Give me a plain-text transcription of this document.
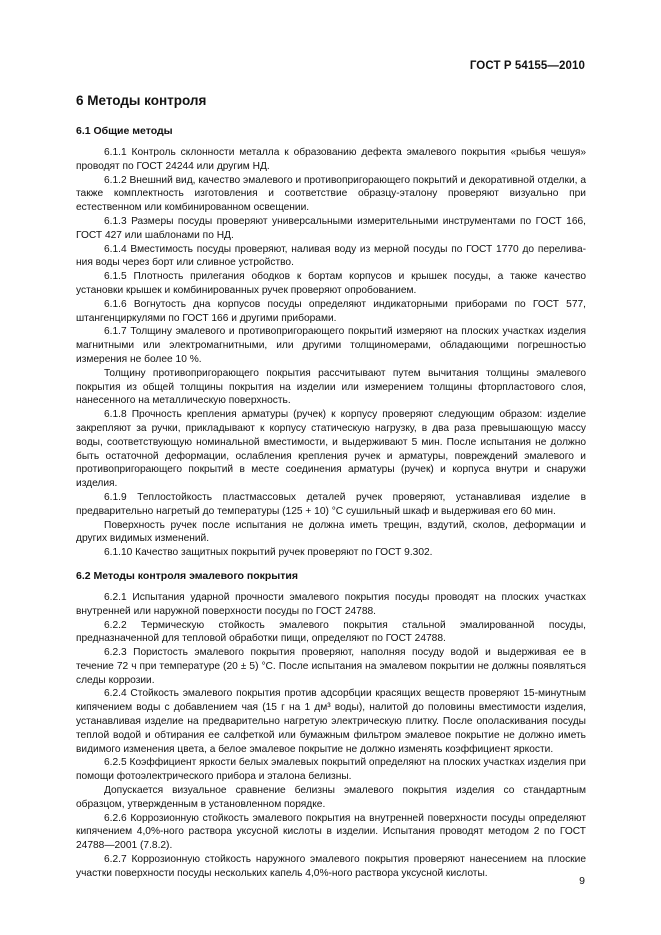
ГОСТ Р 54155—2010
6 Методы контроля
6.1 Общие методы

6.1.1 Контроль склонности металла к образованию дефекта эмалевого покрытия «рыбья чешуя» проводят по ГОСТ 24244 или другим НД.

6.1.2 Внешний вид, качество эмалевого и противопригорающего покрытий и декоративной отделки, а также комплектность изготовления и соответствие образцу-эталону проверяют визуально при естественном или комбинированном освещении.

6.1.3 Размеры посуды проверяют универсальными измерительными инструментами по ГОСТ 166, ГОСТ 427 или шаблонами по НД.

6.1.4 Вместимость посуды проверяют, наливая воду из мерной посуды по ГОСТ 1770 до перелива-ния воды через борт или сливное устройство.

6.1.5 Плотность прилегания ободков к бортам корпусов и крышек посуды, а также качество установки крышек и комбинированных ручек проверяют опробованием.

6.1.6 Вогнутость дна корпусов посуды определяют индикаторными приборами по ГОСТ 577, штангенциркулями по ГОСТ 166 и другими приборами.

6.1.7 Толщину эмалевого и противопригорающего покрытий измеряют на плоских участках изделия магнитными или электромагнитными, или другими толщиномерами, обладающими погрешностью измерения не более 10 %.

Толщину противопригорающего покрытия рассчитывают путем вычитания толщины эмалевого покрытия из общей толщины покрытия на изделии или измерением толщины фторпластового слоя, нанесенного на металлическую поверхность.

6.1.8 Прочность крепления арматуры (ручек) к корпусу проверяют следующим образом: изделие закрепляют за ручки, прикладывают к корпусу статическую нагрузку, в два раза превышающую массу воды, соответствующую номинальной вместимости, и выдерживают 5 мин. После испытания не должно быть остаточной деформации, ослабления крепления ручек и арматуры, повреждений эмалевого и противопригорающего покрытий в месте соединения арматуры (ручек) и корпуса внутри и снаружи изделия.

6.1.9 Теплостойкость пластмассовых деталей ручек проверяют, устанавливая изделие в предварительно нагретый до температуры (125 + 10) °С сушильный шкаф и выдерживая его 60 мин.

Поверхность ручек после испытания не должна иметь трещин, вздутий, сколов, деформации и других видимых изменений.

6.1.10 Качество защитных покрытий ручек проверяют по ГОСТ 9.302.

6.2 Методы контроля эмалевого покрытия

6.2.1 Испытания ударной прочности эмалевого покрытия посуды проводят на плоских участках внутренней или наружной поверхности посуды по ГОСТ 24788.

6.2.2 Термическую стойкость эмалевого покрытия стальной эмалированной посуды, предназначенной для тепловой обработки пищи, определяют по ГОСТ 24788.

6.2.3 Пористость эмалевого покрытия проверяют, наполняя посуду водой и выдерживая ее в течение 72 ч при температуре (20 ± 5) °С. После испытания на эмалевом покрытии не должны появляться следы коррозии.

6.2.4 Стойкость эмалевого покрытия против адсорбции красящих веществ проверяют 15-минутным кипячением воды с добавлением чая (15 г на 1 дм³ воды), налитой до половины вместимости изделия, устанавливая изделие на предварительно нагретую электрическую плитку. После ополаскивания посуды теплой водой и обтирания ее салфеткой или бумажным фильтром эмалевое покрытие не должно иметь видимого изменения цвета, а белое эмалевое покрытие не должно изменять коэффициент яркости.

6.2.5 Коэффициент яркости белых эмалевых покрытий определяют на плоских участках изделия при помощи фотоэлектрического прибора и эталона белизны.

Допускается визуальное сравнение белизны эмалевого покрытия изделия со стандартным образцом, утвержденным в установленном порядке.

6.2.6 Коррозионную стойкость эмалевого покрытия на внутренней поверхности посуды определяют кипячением 4,0%-ного раствора уксусной кислоты в изделии. Испытания проводят методом 2 по ГОСТ 24788—2001 (7.8.2).

6.2.7 Коррозионную стойкость наружного эмалевого покрытия проверяют нанесением на плоские участки поверхности посуды нескольких капель 4,0%-ного раствора уксусной кислоты.

9
